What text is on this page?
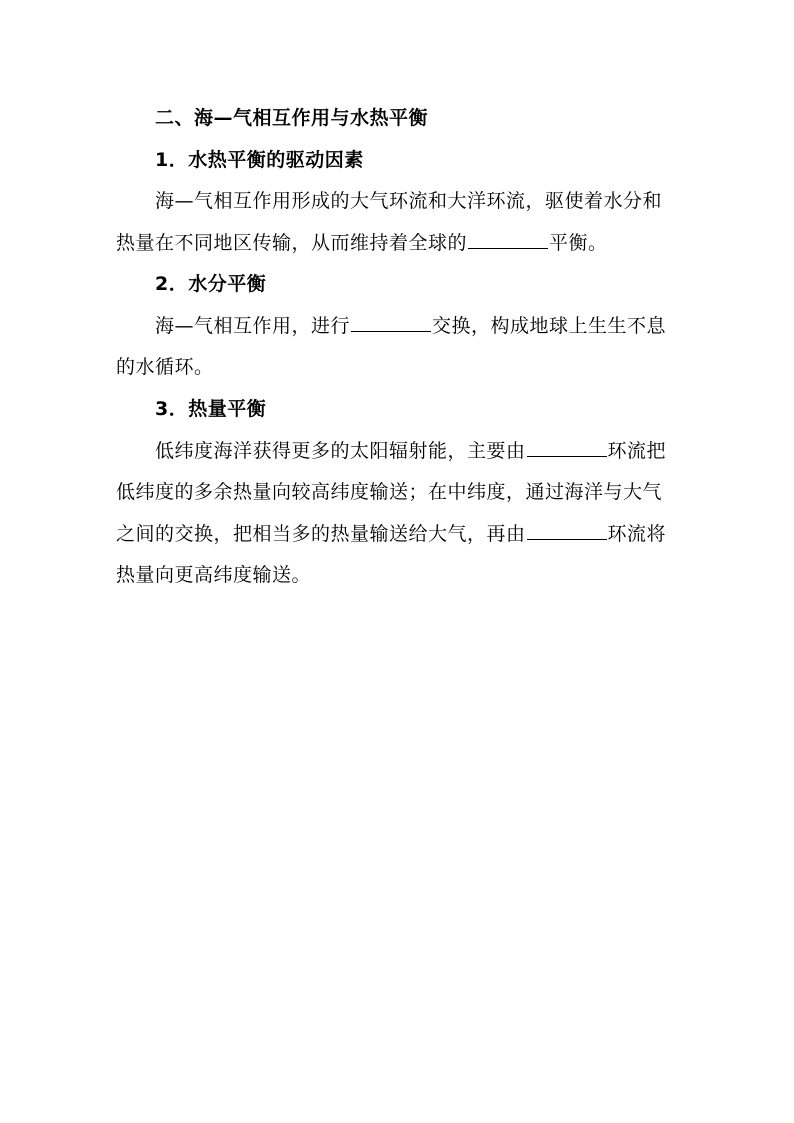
二、海—气相互作用与水热平衡
1．水热平衡的驱动因素
海—气相互作用形成的大气环流和大洋环流，驱使着水分和
热量在不同地区传输，从而维持着全球的	平衡。
2．水分平衡
海—气相互作用，进行	交换，构成地球上生生不息
的水循环。
3．热量平衡
低纬度海洋获得更多的太阳辐射能，主要由	环流把
低纬度的多余热量向较高纬度输送；在中纬度，通过海洋与大气
之间的交换，把相当多的热量输送给大气，再由	环流将
热量向更高纬度输送。
